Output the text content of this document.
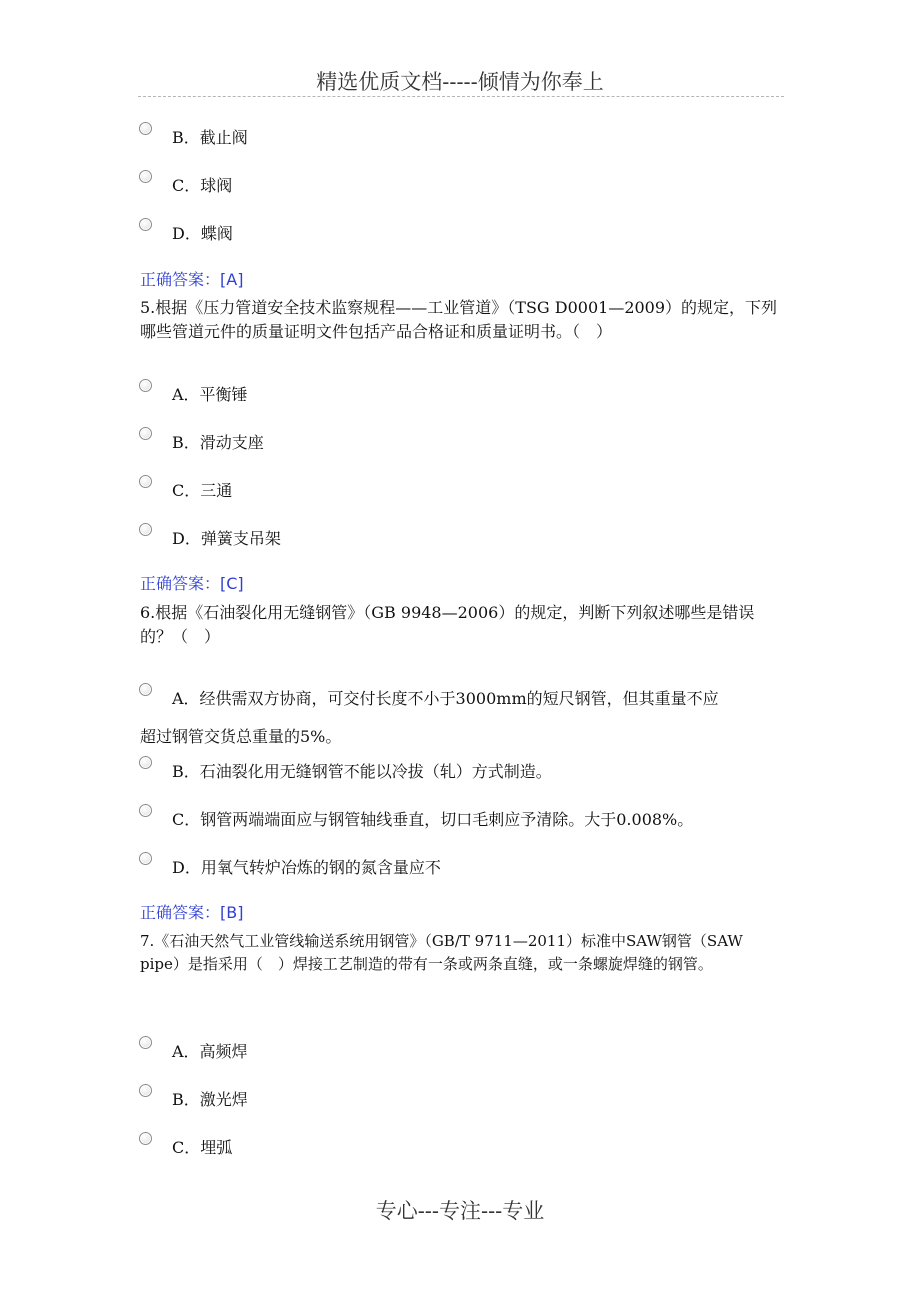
精选优质文档-----倾情为你奉上
B．截止阀
C．球阀
D．蝶阀
正确答案：[A]
5.根据《压力管道安全技术监察规程——工业管道》（TSG D0001—2009）的规定，下列哪些管道元件的质量证明文件包括产品合格证和质量证明书。（　）
A．平衡锤
B．滑动支座
C．三通
D．弹簧支吊架
正确答案：[C]
6.根据《石油裂化用无缝钢管》（GB 9948—2006）的规定，判断下列叙述哪些是错误的？（　）
A．经供需双方协商，可交付长度不小于3000mm的短尺钢管，但其重量不应
超过钢管交货总重量的5%。
B．石油裂化用无缝钢管不能以冷拔（轧）方式制造。
C．钢管两端端面应与钢管轴线垂直，切口毛刺应予清除。大于0.008%。
D．用氧气转炉冶炼的钢的氮含量应不
正确答案：[B]
7.《石油天然气工业管线输送系统用钢管》（GB/T 9711—2011）标准中SAW钢管（SAW pipe）是指采用（　）焊接工艺制造的带有一条或两条直缝，或一条螺旋焊缝的钢管。
A．高频焊
B．激光焊
C．埋弧
专心---专注---专业
